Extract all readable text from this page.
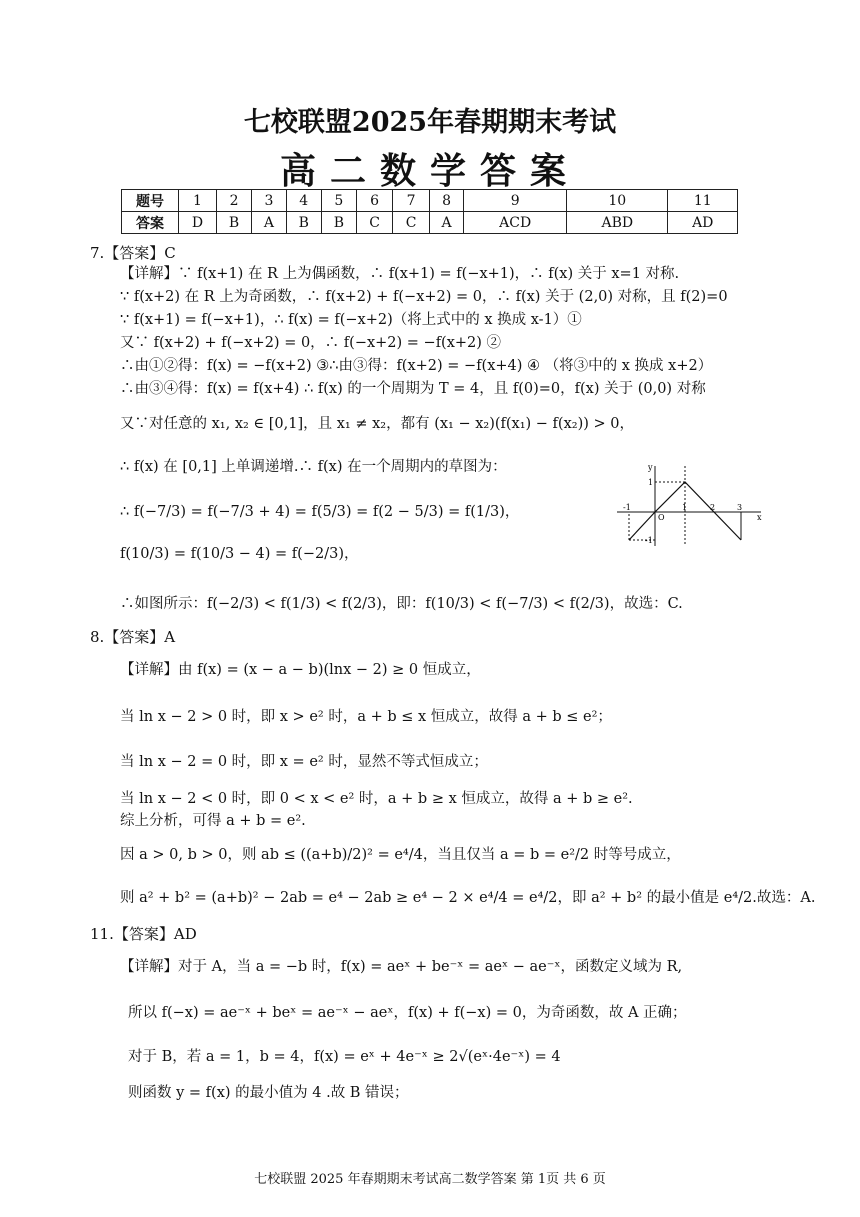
七校联盟2025年春期期末考试
高二数学答案
题号	1	2	3	4	5	6	7	8	9	10	11
答案	D	B	A	B	B	C	C	A	ACD	ABD	AD
7.【答案】C
【详解】∵ f(x+1) 在 R 上为偶函数，∴ f(x+1) = f(−x+1)，∴ f(x) 关于 x=1 对称.
∵ f(x+2) 在 R 上为奇函数，∴ f(x+2) + f(−x+2) = 0，∴ f(x) 关于 (2,0) 对称，且 f(2)=0
∵ f(x+1) = f(−x+1)，∴ f(x) = f(−x+2)（将上式中的 x 换成 x-1）①
又∵ f(x+2) + f(−x+2) = 0，∴ f(−x+2) = −f(x+2) ②
∴由①②得：f(x) = −f(x+2) ③∴由③得：f(x+2) = −f(x+4) ④ （将③中的 x 换成 x+2）
∴由③④得：f(x) = f(x+4) ∴ f(x) 的一个周期为 T = 4，且 f(0)=0，f(x) 关于 (0,0) 对称
又∵对任意的 x₁, x₂ ∈ [0,1]，且 x₁ ≠ x₂，都有 (x₁ − x₂)(f(x₁) − f(x₂)) > 0，
∴ f(x) 在 [0,1] 上单调递增.∴ f(x) 在一个周期内的草图为：
∴ f(−7/3) = f(−7/3 + 4) = f(5/3) = f(2 − 5/3) = f(1/3)，
f(10/3) = f(10/3 − 4) = f(−2/3)，
∴如图所示：f(−2/3) < f(1/3) < f(2/3)，即：f(10/3) < f(−7/3) < f(2/3)，故选：C.
y
x
O
1
-1
-1	1	2	3
8.【答案】A
【详解】由 f(x) = (x − a − b)(lnx − 2) ≥ 0 恒成立，
当 ln x − 2 > 0 时，即 x > e² 时，a + b ≤ x 恒成立，故得 a + b ≤ e²；
当 ln x − 2 = 0 时，即 x = e² 时，显然不等式恒成立；
当 ln x − 2 < 0 时，即 0 < x < e² 时，a + b ≥ x 恒成立，故得 a + b ≥ e².
综上分析，可得 a + b = e².
因 a > 0, b > 0，则 ab ≤ ((a+b)/2)² = e⁴/4，当且仅当 a = b = e²/2 时等号成立，
则 a² + b² = (a+b)² − 2ab = e⁴ − 2ab ≥ e⁴ − 2 × e⁴/4 = e⁴/2，即 a² + b² 的最小值是 e⁴/2.故选：A.
11.【答案】AD
【详解】对于 A，当 a = −b 时，f(x) = aeˣ + be⁻ˣ = aeˣ − ae⁻ˣ，函数定义域为 R,
所以 f(−x) = ae⁻ˣ + beˣ = ae⁻ˣ − aeˣ，f(x) + f(−x) = 0，为奇函数，故 A 正确；
对于 B，若 a = 1，b = 4，f(x) = eˣ + 4e⁻ˣ ≥ 2√(eˣ·4e⁻ˣ) = 4
则函数 y = f(x) 的最小值为 4 .故 B 错误；
七校联盟 2025 年春期期末考试高二数学答案 第 1页 共 6 页
